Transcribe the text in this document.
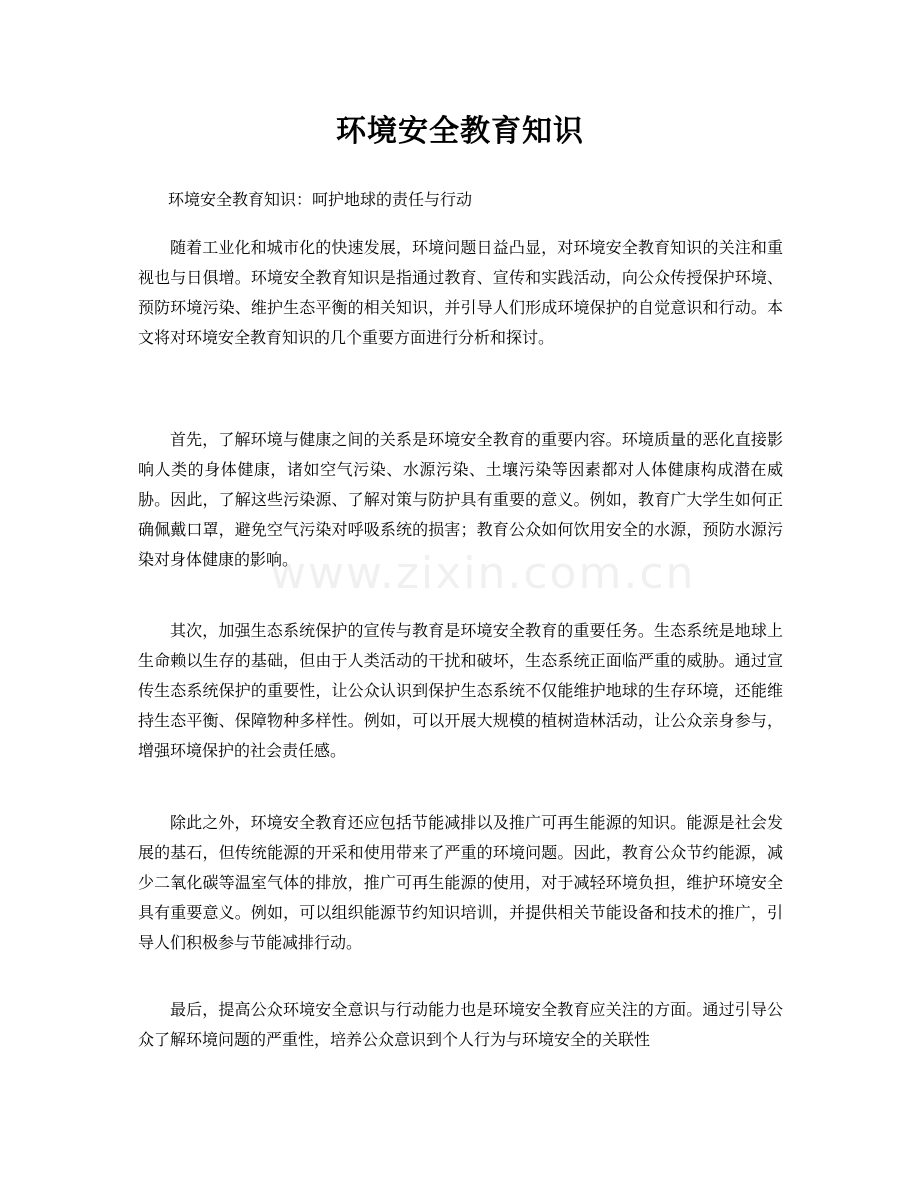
环境安全教育知识
环境安全教育知识：呵护地球的责任与行动

随着工业化和城市化的快速发展，环境问题日益凸显，对环境安全教育知识的关注和重视也与日俱增。环境安全教育知识是指通过教育、宣传和实践活动，向公众传授保护环境、预防环境污染、维护生态平衡的相关知识，并引导人们形成环境保护的自觉意识和行动。本文将对环境安全教育知识的几个重要方面进行分析和探讨。

首先，了解环境与健康之间的关系是环境安全教育的重要内容。环境质量的恶化直接影响人类的身体健康，诸如空气污染、水源污染、土壤污染等因素都对人体健康构成潜在威胁。因此，了解这些污染源、了解对策与防护具有重要的意义。例如，教育广大学生如何正确佩戴口罩，避免空气污染对呼吸系统的损害；教育公众如何饮用安全的水源，预防水源污染对身体健康的影响。

其次，加强生态系统保护的宣传与教育是环境安全教育的重要任务。生态系统是地球上生命赖以生存的基础，但由于人类活动的干扰和破坏，生态系统正面临严重的威胁。通过宣传生态系统保护的重要性，让公众认识到保护生态系统不仅能维护地球的生存环境，还能维持生态平衡、保障物种多样性。例如，可以开展大规模的植树造林活动，让公众亲身参与，增强环境保护的社会责任感。

除此之外，环境安全教育还应包括节能减排以及推广可再生能源的知识。能源是社会发展的基石，但传统能源的开采和使用带来了严重的环境问题。因此，教育公众节约能源，减少二氧化碳等温室气体的排放，推广可再生能源的使用，对于减轻环境负担，维护环境安全具有重要意义。例如，可以组织能源节约知识培训，并提供相关节能设备和技术的推广，引导人们积极参与节能减排行动。

最后，提高公众环境安全意识与行动能力也是环境安全教育应关注的方面。通过引导公众了解环境问题的严重性，培养公众意识到个人行为与环境安全的关联性

www.zixin.com.cn
